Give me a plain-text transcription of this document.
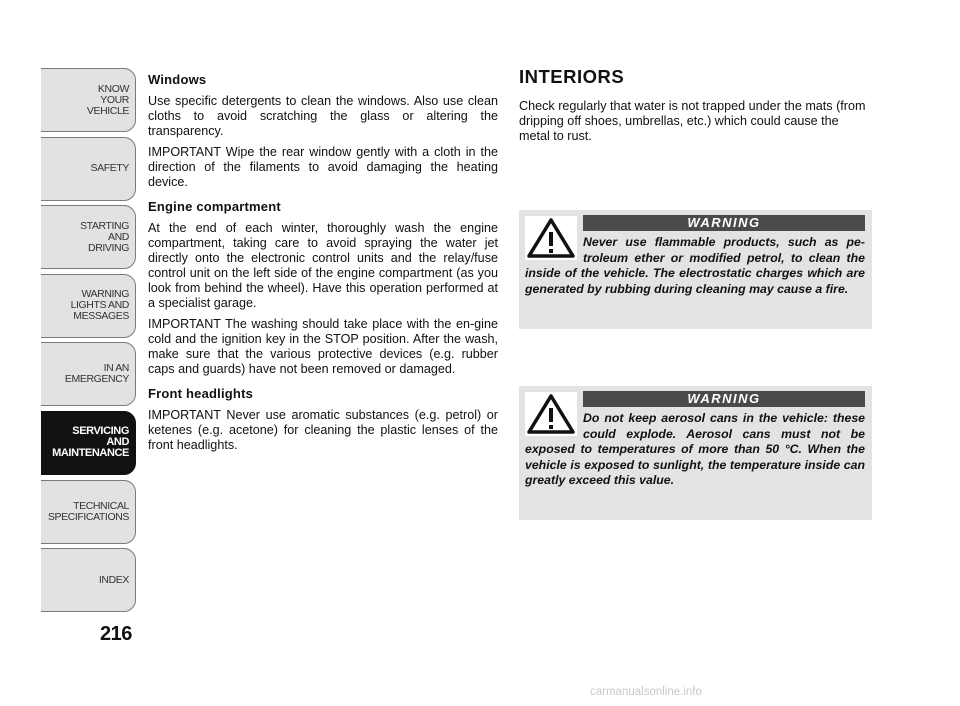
KNOW
YOUR
VEHICLE
SAFETY
STARTING
AND
DRIVING
WARNING
LIGHTS AND
MESSAGES
IN AN
EMERGENCY
SERVICING
AND
MAINTENANCE
TECHNICAL
SPECIFICATIONS
INDEX
216

Windows

Use specific detergents to clean the windows. Also use clean cloths to avoid scratching the glass or altering the transparency.

IMPORTANT Wipe the rear window gently with a cloth in the direction of the filaments to avoid damaging the heating device.

Engine compartment

At the end of each winter, thoroughly wash the engine compartment, taking care to avoid spraying the water jet directly onto the electronic control units and the relay/fuse control unit on the left side of the engine compartment (as you look from behind the wheel). Have this operation performed at a specialist garage.

IMPORTANT The washing should take place with the en-gine cold and the ignition key in the STOP position. After the wash, make sure that the various protective devices (e.g. rubber caps and guards) have not been removed or damaged.

Front headlights

IMPORTANT Never use aromatic substances (e.g. petrol) or ketenes (e.g. acetone) for cleaning the plastic lenses of the front headlights.

INTERIORS

Check regularly that water is not trapped under the mats (from dripping off shoes, umbrellas, etc.) which could cause the metal to rust.

WARNING

Never use flammable products, such as pe-troleum ether or modified petrol, to clean the inside of the vehicle. The electrostatic charges which are generated by rubbing during cleaning may cause a fire.

WARNING

Do not keep aerosol cans in the vehicle: these could explode. Aerosol cans must not be exposed to temperatures of more than 50 °C. When the vehicle is exposed to sunlight, the temperature inside can greatly exceed this value.

carmanualsonline.info
